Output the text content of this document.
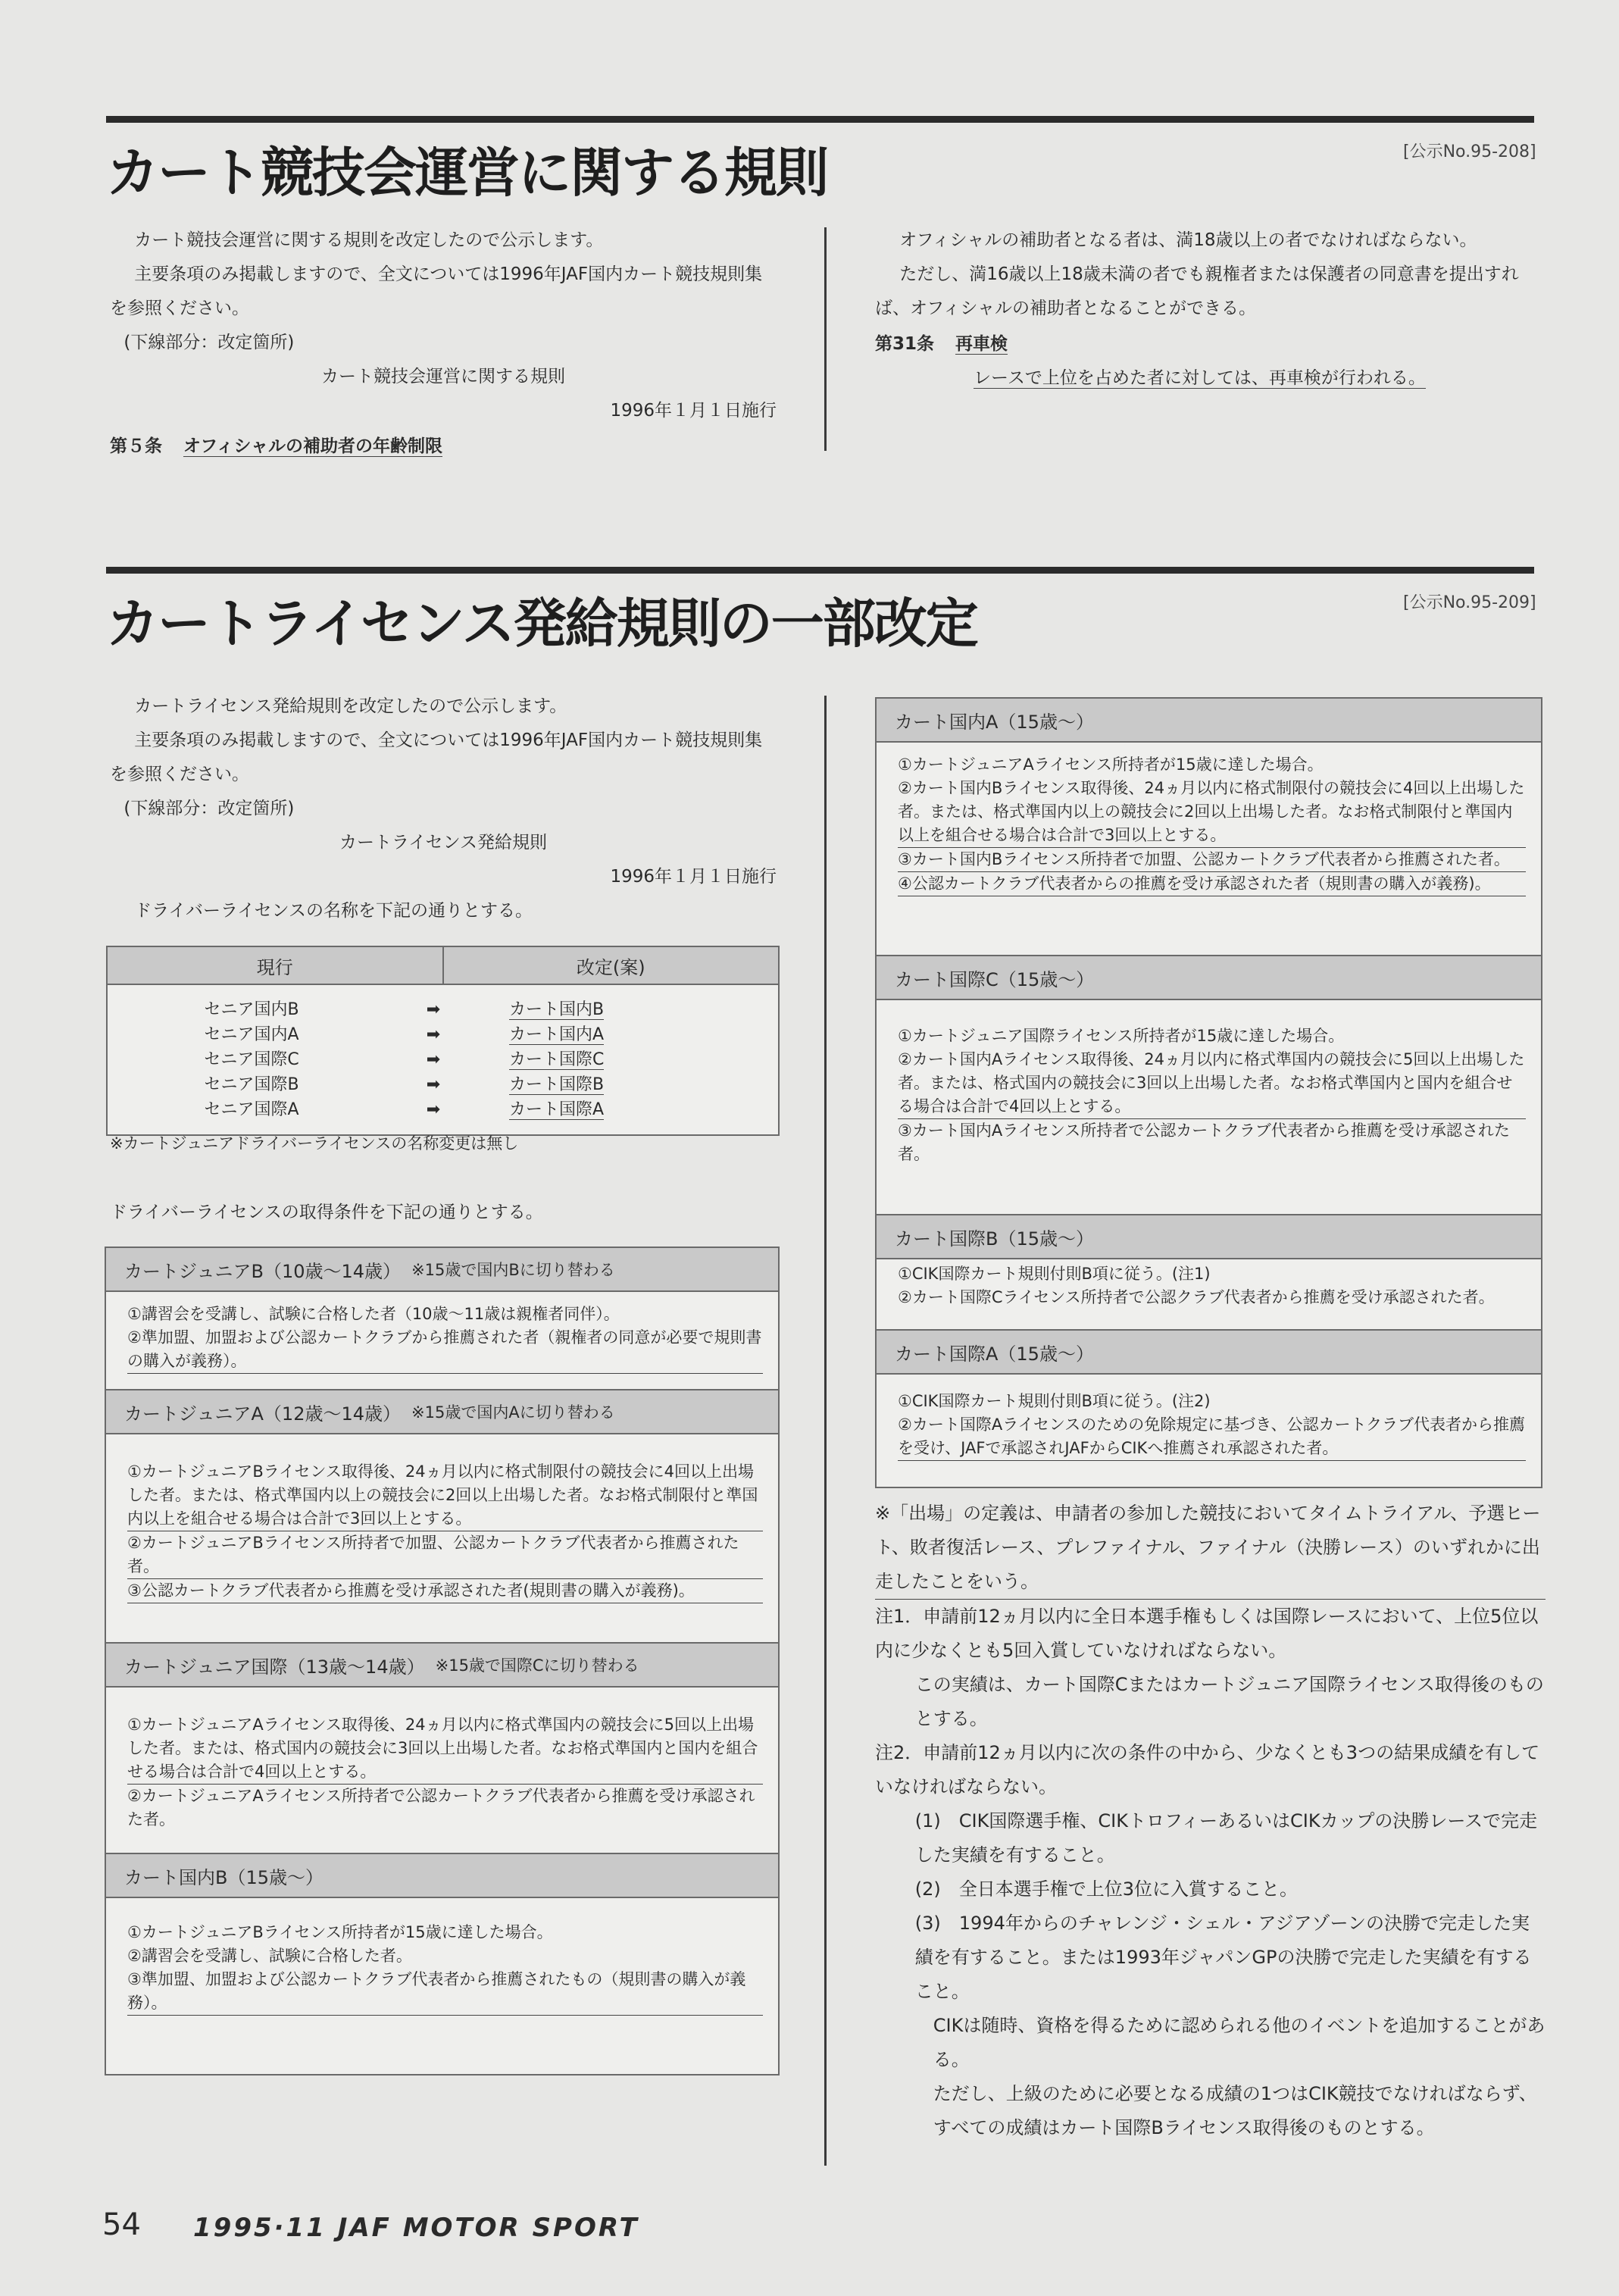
カート競技会運営に関する規則	[公示No.95-208]

カート競技会運営に関する規則を改定したので公示します。

主要条項のみ掲載しますので、全文については1996年JAF国内カート競技規則集を参照ください。

(下線部分：改定箇所)

カート競技会運営に関する規則

1996年１月１日施行

第５条 オフィシャルの補助者の年齢制限

オフィシャルの補助者となる者は、満18歳以上の者でなければならない。

ただし、満16歳以上18歳未満の者でも親権者または保護者の同意書を提出すれば、オフィシャルの補助者となることができる。

第31条 再車検

レースで上位を占めた者に対しては、再車検が行われる。

カートライセンス発給規則の一部改定	[公示No.95-209]

カートライセンス発給規則を改定したので公示します。

主要条項のみ掲載しますので、全文については1996年JAF国内カート競技規則集を参照ください。

(下線部分：改定箇所)

カートライセンス発給規則

1996年１月１日施行

ドライバーライセンスの名称を下記の通りとする。

現行	改定(案)
セニア国内B	➡	カート国内B
セニア国内A	➡	カート国内A
セニア国際C	➡	カート国際C
セニア国際B	➡	カート国際B
セニア国際A	➡	カート国際A
※カートジュニアドライバーライセンスの名称変更は無し
ドライバーライセンスの取得条件を下記の通りとする。
カートジュニアB（10歳〜14歳） ※15歳で国内Bに切り替わる

①講習会を受講し、試験に合格した者（10歳〜11歳は親権者同伴）。

②準加盟、加盟および公認カートクラブから推薦された者（親権者の同意が必要で規則書の購入が義務）。

カートジュニアA（12歳〜14歳） ※15歳で国内Aに切り替わる

①カートジュニアBライセンス取得後、24ヵ月以内に格式制限付の競技会に4回以上出場した者。または、格式準国内以上の競技会に2回以上出場した者。なお格式制限付と準国内以上を組合せる場合は合計で3回以上とする。

②カートジュニアBライセンス所持者で加盟、公認カートクラブ代表者から推薦された者。

③公認カートクラブ代表者から推薦を受け承認された者(規則書の購入が義務)。

カートジュニア国際（13歳〜14歳） ※15歳で国際Cに切り替わる

①カートジュニアAライセンス取得後、24ヵ月以内に格式準国内の競技会に5回以上出場した者。または、格式国内の競技会に3回以上出場した者。なお格式準国内と国内を組合せる場合は合計で4回以上とする。

②カートジュニアAライセンス所持者で公認カートクラブ代表者から推薦を受け承認された者。

カート国内B（15歳〜）

①カートジュニアBライセンス所持者が15歳に達した場合。

②講習会を受講し、試験に合格した者。

③準加盟、加盟および公認カートクラブ代表者から推薦されたもの（規則書の購入が義務）。

カート国内A（15歳〜）

①カートジュニアAライセンス所持者が15歳に達した場合。

②カート国内Bライセンス取得後、24ヵ月以内に格式制限付の競技会に4回以上出場した者。または、格式準国内以上の競技会に2回以上出場した者。なお格式制限付と準国内以上を組合せる場合は合計で3回以上とする。

③カート国内Bライセンス所持者で加盟、公認カートクラブ代表者から推薦された者。

④公認カートクラブ代表者からの推薦を受け承認された者（規則書の購入が義務)。

カート国際C（15歳〜）

①カートジュニア国際ライセンス所持者が15歳に達した場合。

②カート国内Aライセンス取得後、24ヵ月以内に格式準国内の競技会に5回以上出場した者。または、格式国内の競技会に3回以上出場した者。なお格式準国内と国内を組合せる場合は合計で4回以上とする。

③カート国内Aライセンス所持者で公認カートクラブ代表者から推薦を受け承認された者。

カート国際B（15歳〜）

①CIK国際カート規則付則B項に従う。(注1)

②カート国際Cライセンス所持者で公認クラブ代表者から推薦を受け承認された者。

カート国際A（15歳〜）

①CIK国際カート規則付則B項に従う。(注2)

②カート国際Aライセンスのための免除規定に基づき、公認カートクラブ代表者から推薦を受け、JAFで承認されJAFからCIKへ推薦され承認された者。

※「出場」の定義は、申請者の参加した競技においてタイムトライアル、予選ヒート、敗者復活レース、プレファイナル、ファイナル（決勝レース）のいずれかに出走したことをいう。

注1．申請前12ヵ月以内に全日本選手権もしくは国際レースにおいて、上位5位以内に少なくとも5回入賞していなければならない。

この実績は、カート国際Cまたはカートジュニア国際ライセンス取得後のものとする。

注2．申請前12ヵ月以内に次の条件の中から、少なくとも3つの結果成績を有していなければならない。

(1)　CIK国際選手権、CIKトロフィーあるいはCIKカップの決勝レースで完走した実績を有すること。

(2)　全日本選手権で上位3位に入賞すること。

(3)　1994年からのチャレンジ・シェル・アジアゾーンの決勝で完走した実績を有すること。または1993年ジャパンGPの決勝で完走した実績を有すること。

CIKは随時、資格を得るために認められる他のイベントを追加することがある。

ただし、上級のために必要となる成績の1つはCIK競技でなければならず、すべての成績はカート国際Bライセンス取得後のものとする。

54 1995·11 JAF MOTOR SPORT
